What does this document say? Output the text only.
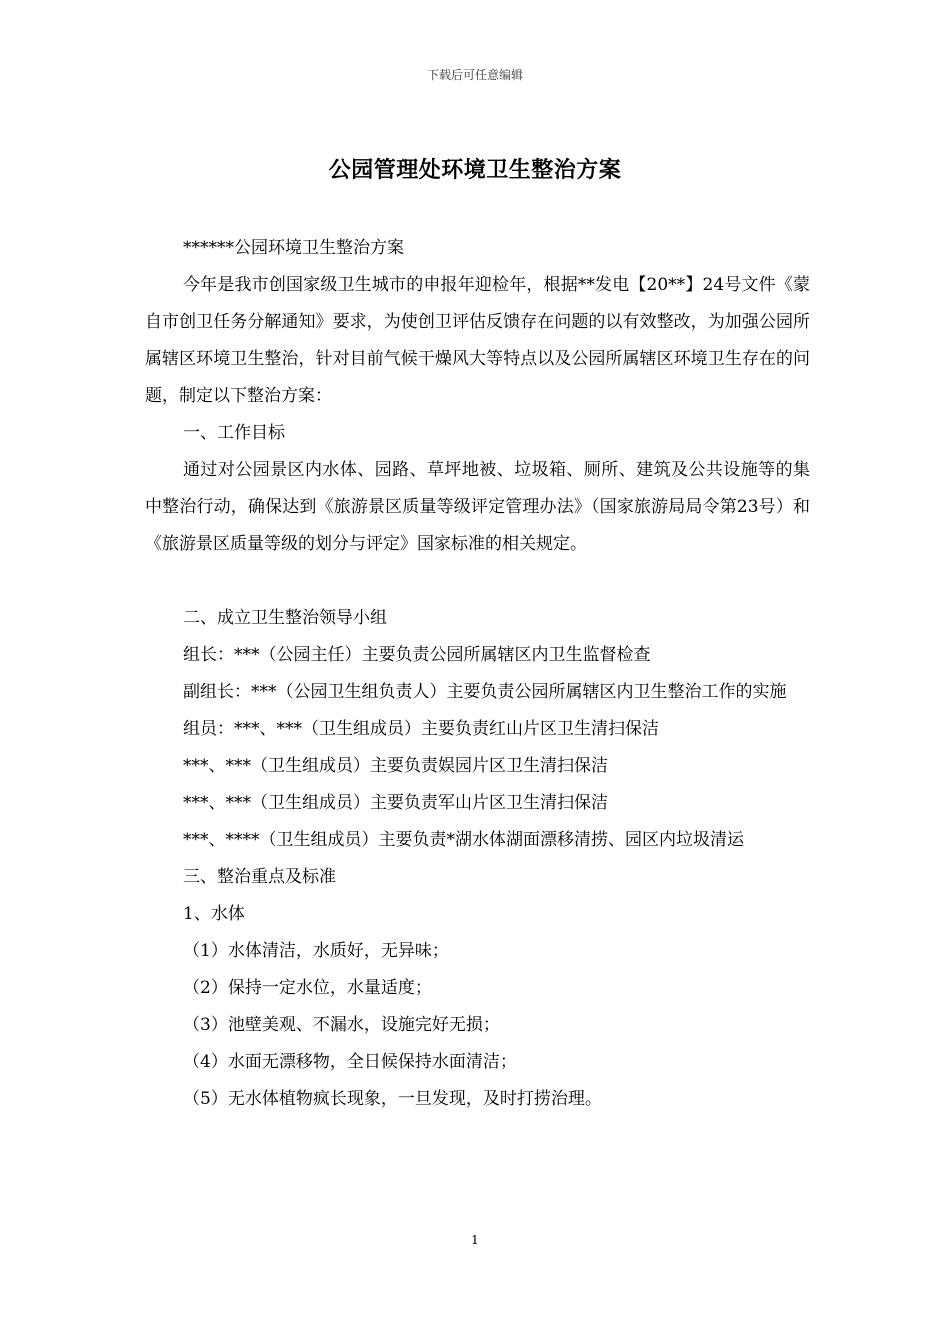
下载后可任意编辑
公园管理处环境卫生整治方案

******公园环境卫生整治方案

今年是我市创国家级卫生城市的申报年迎检年，根据**发电【20**】24号文件《蒙自市创卫任务分解通知》要求，为使创卫评估反馈存在问题的以有效整改，为加强公园所属辖区环境卫生整治，针对目前气候干燥风大等特点以及公园所属辖区环境卫生存在的问题，制定以下整治方案：

一、工作目标

通过对公园景区内水体、园路、草坪地被、垃圾箱、厕所、建筑及公共设施等的集中整治行动，确保达到《旅游景区质量等级评定管理办法》（国家旅游局局令第23号）和《旅游景区质量等级的划分与评定》国家标准的相关规定。

二、成立卫生整治领导小组

组长：***（公园主任）主要负责公园所属辖区内卫生监督检查

副组长：***（公园卫生组负责人）主要负责公园所属辖区内卫生整治工作的实施

组员：***、***（卫生组成员）主要负责红山片区卫生清扫保洁

***、***（卫生组成员）主要负责娱园片区卫生清扫保洁

***、***（卫生组成员）主要负责军山片区卫生清扫保洁

***、****（卫生组成员）主要负责*湖水体湖面漂移清捞、园区内垃圾清运

三、整治重点及标准

1、水体

（1）水体清洁，水质好，无异味；

（2）保持一定水位，水量适度；

（3）池壁美观、不漏水，设施完好无损；

（4）水面无漂移物，全日候保持水面清洁；

（5）无水体植物疯长现象，一旦发现，及时打捞治理。

1
